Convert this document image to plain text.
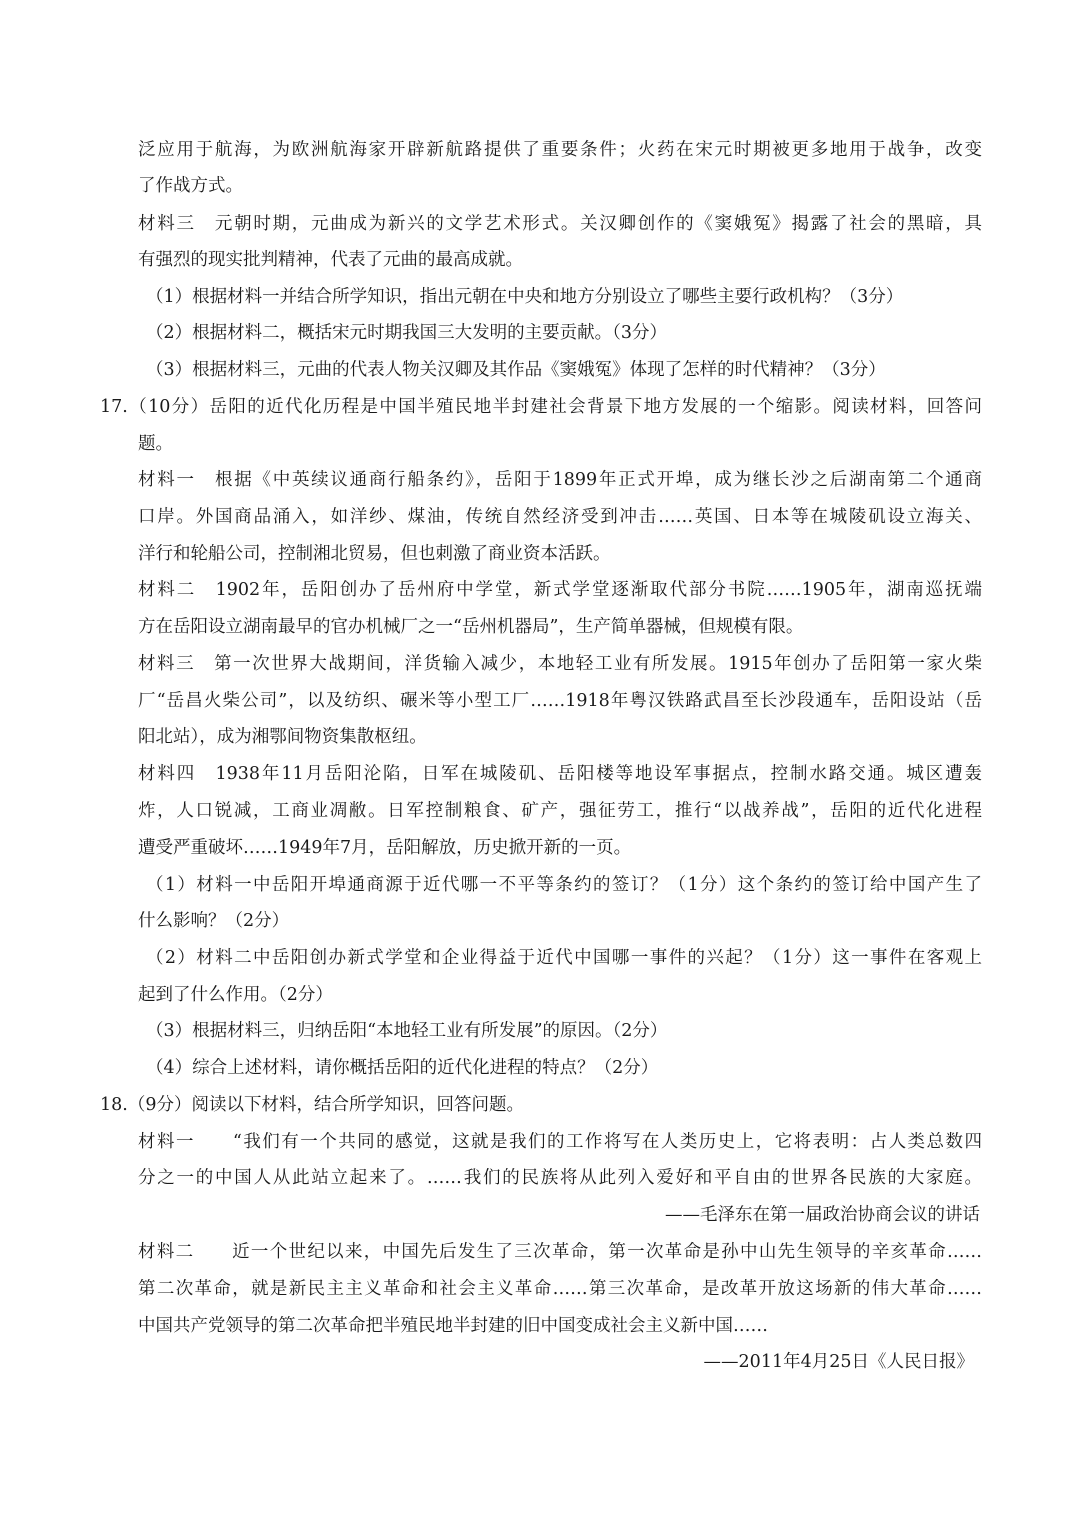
泛应用于航海，为欧洲航海家开辟新航路提供了重要条件；火药在宋元时期被更多地用于战争，改变
了作战方式。
材料三　元朝时期，元曲成为新兴的文学艺术形式。关汉卿创作的《窦娥冤》揭露了社会的黑暗，具
有强烈的现实批判精神，代表了元曲的最高成就。
（1）根据材料一并结合所学知识，指出元朝在中央和地方分别设立了哪些主要行政机构？（3分）
（2）根据材料二，概括宋元时期我国三大发明的主要贡献。（3分）
（3）根据材料三，元曲的代表人物关汉卿及其作品《窦娥冤》体现了怎样的时代精神？（3分）
17.（10分）岳阳的近代化历程是中国半殖民地半封建社会背景下地方发展的一个缩影。阅读材料，回答问
题。
材料一　根据《中英续议通商行船条约》，岳阳于1899年正式开埠，成为继长沙之后湖南第二个通商
口岸。外国商品涌入，如洋纱、煤油，传统自然经济受到冲击……英国、日本等在城陵矶设立海关、
洋行和轮船公司，控制湘北贸易，但也刺激了商业资本活跃。
材料二　1902年，岳阳创办了岳州府中学堂，新式学堂逐渐取代部分书院……1905年，湖南巡抚端
方在岳阳设立湖南最早的官办机械厂之一“岳州机器局”，生产简单器械，但规模有限。
材料三　第一次世界大战期间，洋货输入减少，本地轻工业有所发展。1915年创办了岳阳第一家火柴
厂“岳昌火柴公司”，以及纺织、碾米等小型工厂……1918年粤汉铁路武昌至长沙段通车，岳阳设站（岳
阳北站），成为湘鄂间物资集散枢纽。
材料四　1938年11月岳阳沦陷，日军在城陵矶、岳阳楼等地设军事据点，控制水路交通。城区遭轰
炸，人口锐减，工商业凋敝。日军控制粮食、矿产，强征劳工，推行“以战养战”，岳阳的近代化进程
遭受严重破坏……1949年7月，岳阳解放，历史掀开新的一页。
（1）材料一中岳阳开埠通商源于近代哪一不平等条约的签订？（1分）这个条约的签订给中国产生了
什么影响？（2分）
（2）材料二中岳阳创办新式学堂和企业得益于近代中国哪一事件的兴起？（1分）这一事件在客观上
起到了什么作用。（2分）
（3）根据材料三，归纳岳阳“本地轻工业有所发展”的原因。（2分）
（4）综合上述材料，请你概括岳阳的近代化进程的特点？（2分）
18.（9分）阅读以下材料，结合所学知识，回答问题。
材料一　　“我们有一个共同的感觉，这就是我们的工作将写在人类历史上，它将表明：占人类总数四
分之一的中国人从此站立起来了。……我们的民族将从此列入爱好和平自由的世界各民族的大家庭。
——毛泽东在第一届政治协商会议的讲话
材料二　　近一个世纪以来，中国先后发生了三次革命，第一次革命是孙中山先生领导的辛亥革命……
第二次革命，就是新民主主义革命和社会主义革命……第三次革命，是改革开放这场新的伟大革命……
中国共产党领导的第二次革命把半殖民地半封建的旧中国变成社会主义新中国……
——2011年4月25日《人民日报》
